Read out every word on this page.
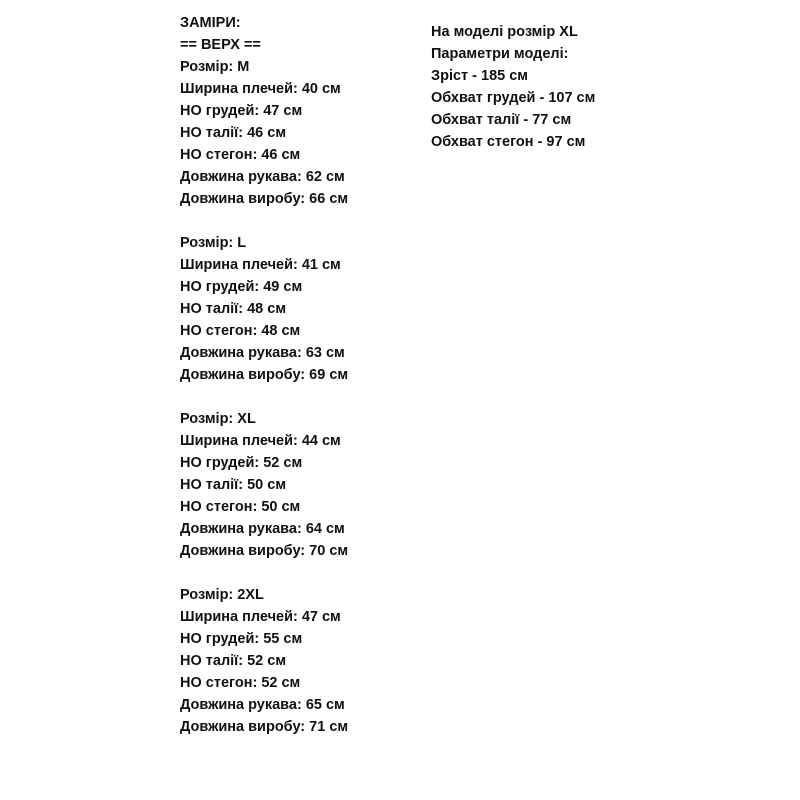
ЗАМІРИ:
== ВЕРХ ==
Розмір: M
Ширина плечей: 40 см
НО грудей: 47 см
НО талії: 46 см
НО стегон: 46 см
Довжина рукава: 62 см
Довжина виробу: 66 см
Розмір: L
Ширина плечей: 41 см
НО грудей: 49 см
НО талії: 48 см
НО стегон: 48 см
Довжина рукава: 63 см
Довжина виробу: 69 см
Розмір: XL
Ширина плечей: 44 см
НО грудей: 52 см
НО талії: 50 см
НО стегон: 50 см
Довжина рукава: 64 см
Довжина виробу: 70 см
Розмір: 2XL
Ширина плечей: 47 см
НО грудей: 55 см
НО талії: 52 см
НО стегон: 52 см
Довжина рукава: 65 см
Довжина виробу: 71 см
На моделі розмір XL
Параметри моделі:
Зріст - 185 см
Обхват грудей - 107 см
Обхват талії - 77 см
Обхват стегон - 97 см
